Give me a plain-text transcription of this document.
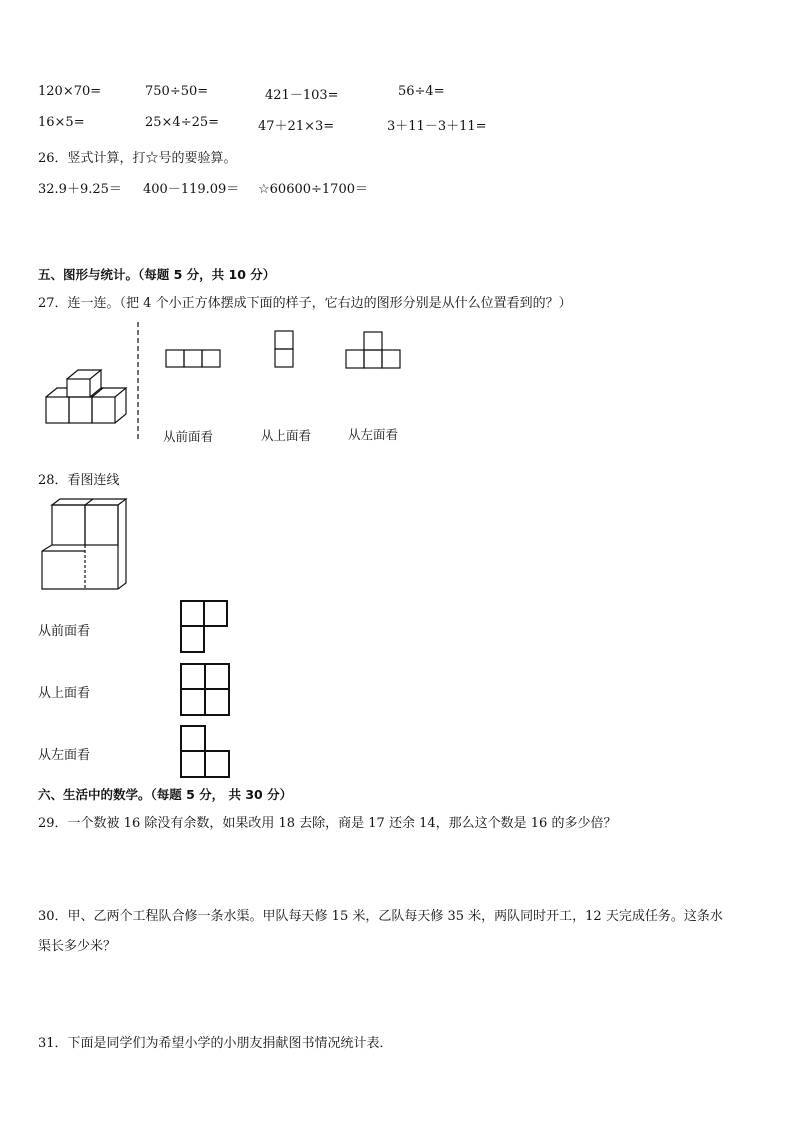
120×70=	750÷50=	421－103=	56÷4=
16×5=	25×4÷25=	47＋21×3=	3＋11－3＋11=
26．竖式计算，打☆号的要验算。
32.9＋9.25＝ 400－119.09＝ ☆60600÷1700＝
五、图形与统计。（每题 5 分，共 10 分）
27．连一连。（把 4 个小正方体摆成下面的样子，它右边的图形分别是从什么位置看到的？）
从前面看	从上面看	从左面看
28．看图连线
从前面看
从上面看
从左面看
六、生活中的数学。（每题 5 分， 共 30 分）
29．一个数被 16 除没有余数，如果改用 18 去除，商是 17 还余 14，那么这个数是 16 的多少倍？
30．甲、乙两个工程队合修一条水渠。甲队每天修 15 米，乙队每天修 35 米，两队同时开工，12 天完成任务。这条水
渠长多少米？
31．下面是同学们为希望小学的小朋友捐献图书情况统计表．
